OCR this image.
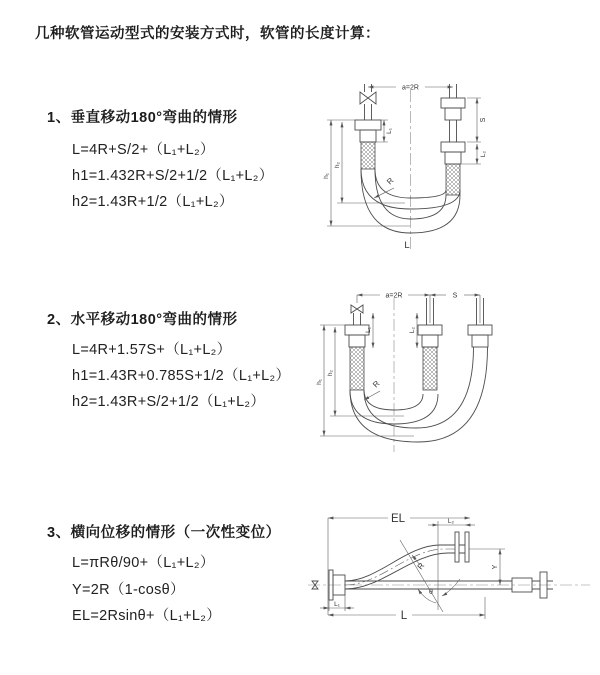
几种软管运动型式的安装方式时，软管的长度计算：
1、垂直移动180°弯曲的情形
L=4R+S/2+（L₁+L₂）
h1=1.432R+S/2+1/2（L₁+L₂）
h2=1.43R+1/2（L₁+L₂）
2、水平移动180°弯曲的情形
L=4R+1.57S+（L₁+L₂）
h1=1.43R+0.785S+1/2（L₁+L₂）
h2=1.43R+S/2+1/2（L₁+L₂）
3、横向位移的情形（一次性变位）
L=πRθ/90+（L₁+L₂）
Y=2R（1-cosθ）
EL=2Rsinθ+（L₁+L₂）
a=2R
S
L₂
L₁
h₁
h₂
R
L
a=2R	S
h₁
h₂
L₁	L₂
R
θ
EL	L₂
Y
L
L₁
R
